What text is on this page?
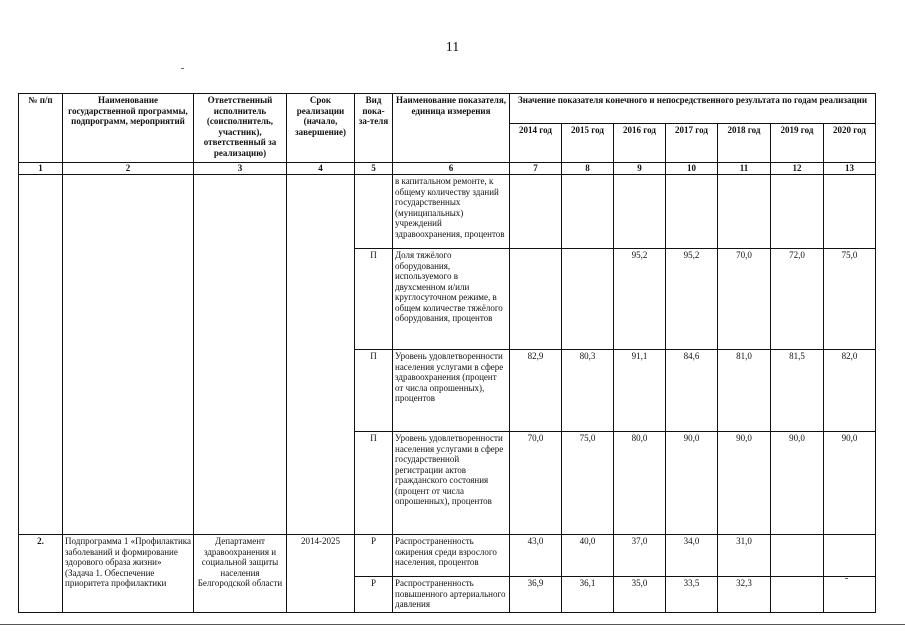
11
№ п/п	Наименование государственной программы, подпрограмм, мероприятий	Ответственный исполнитель (соисполнитель, участник), ответственный за реализацию)	Срок реализации (начало, завершение)	Вид пока-за-теля	Наименование показателя, единица измерения	Значение показателя конечного и непосредственного результата по годам реализации						
						2014 год	2015 год	2016 год	2017 год	2018 год	2019 год	2020 год
1	2	3	4	5	6	7	8	9	10	11	12	13
					в капитальном ремонте, к общему количеству зданий государственных (муниципальных) учреждений здравоохранения, процентов							
				П	Доля тяжёлого оборудования, используемого в двухсменном и/или круглосуточном режиме, в общем количестве тяжёлого оборудования, процентов			95,2	95,2	70,0	72,0	75,0
				П	Уровень удовлетворенности населения услугами в сфере здравоохранения (процент от числа опрошенных), процентов	82,9	80,3	91,1	84,6	81,0	81,5	82,0
				П	Уровень удовлетворенности населения услугами в сфере государственной регистрации актов гражданского состояния (процент от числа опрошенных), процентов	70,0	75,0	80,0	90,0	90,0	90,0	90,0
2.	Подпрограмма 1 «Профилактика заболеваний и формирование здорового образа жизни» (Задача 1. Обеспечение приоритета профилактики	Департамент здравоохранения и социальной защиты населения Белгородской области	2014-2025	Р	Распространенность ожирения среди взрослого населения, процентов	43,0	40,0	37,0	34,0	31,0		
				Р	Распространенность повышенного артериального давления	36,9	36,1	35,0	33,5	32,3		
